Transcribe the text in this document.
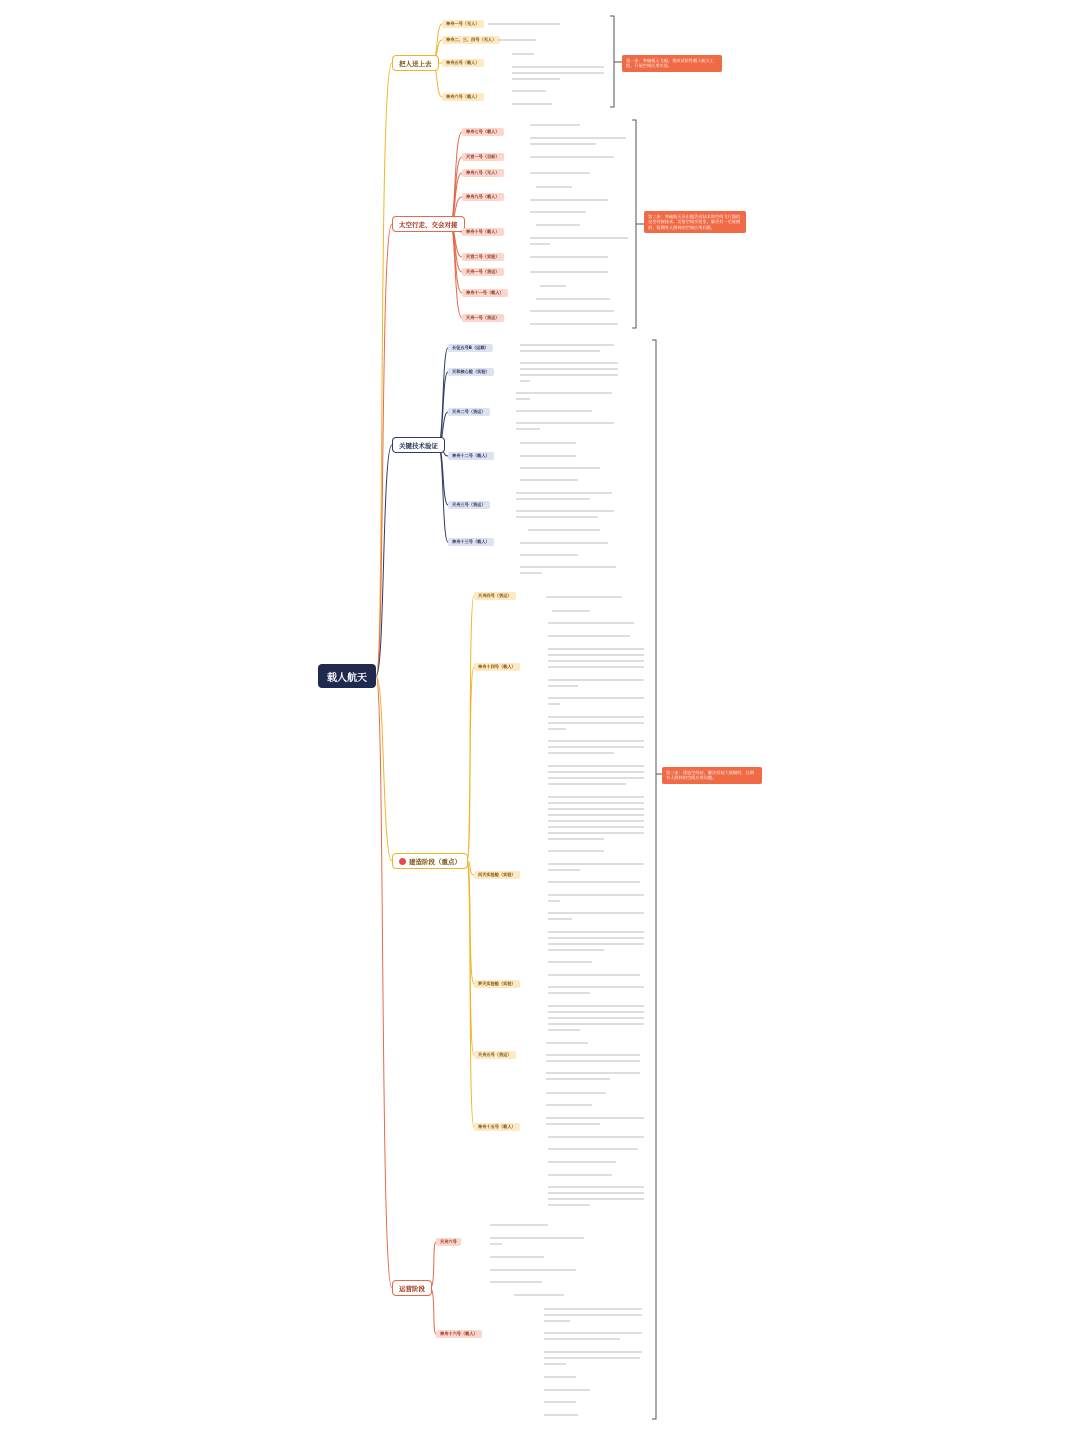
载人航天
把人送上去
太空行走、交会对接
关键技术验证
建造阶段（重点）
运营阶段
第一步：突破载人飞船，建成试验性载人航天工程，开展空间应用实验。
第二步：突破航天员出舱活动技术和空间飞行器的交会对接技术，发射空间实验室，解决有一定规模的、短期有人照料的空间应用问题。
第三步：建造空间站，解决有较大规模的、长期有人照料的空间应用问题。
神舟一号（无人）
神舟二、三、四号（无人）
神舟五号（载人）
神舟六号（载人）
神舟七号（载人）
天宫一号（目标）
神舟八号（无人）
神舟九号（载人）
神舟十号（载人）
天宫二号（实验）
天舟一号（货运）
神舟十一号（载人）
天舟一号（货运）
长征五号B（运载）
天和核心舱（实验）
天舟二号（货运）
神舟十二号（载人）
天舟三号（货运）
神舟十三号（载人）
天舟四号（货运）
神舟十四号（载人）
问天实验舱（实验）
梦天实验舱（实验）
天舟五号（货运）
神舟十五号（载人）
天舟六号
神舟十六号（载人）
